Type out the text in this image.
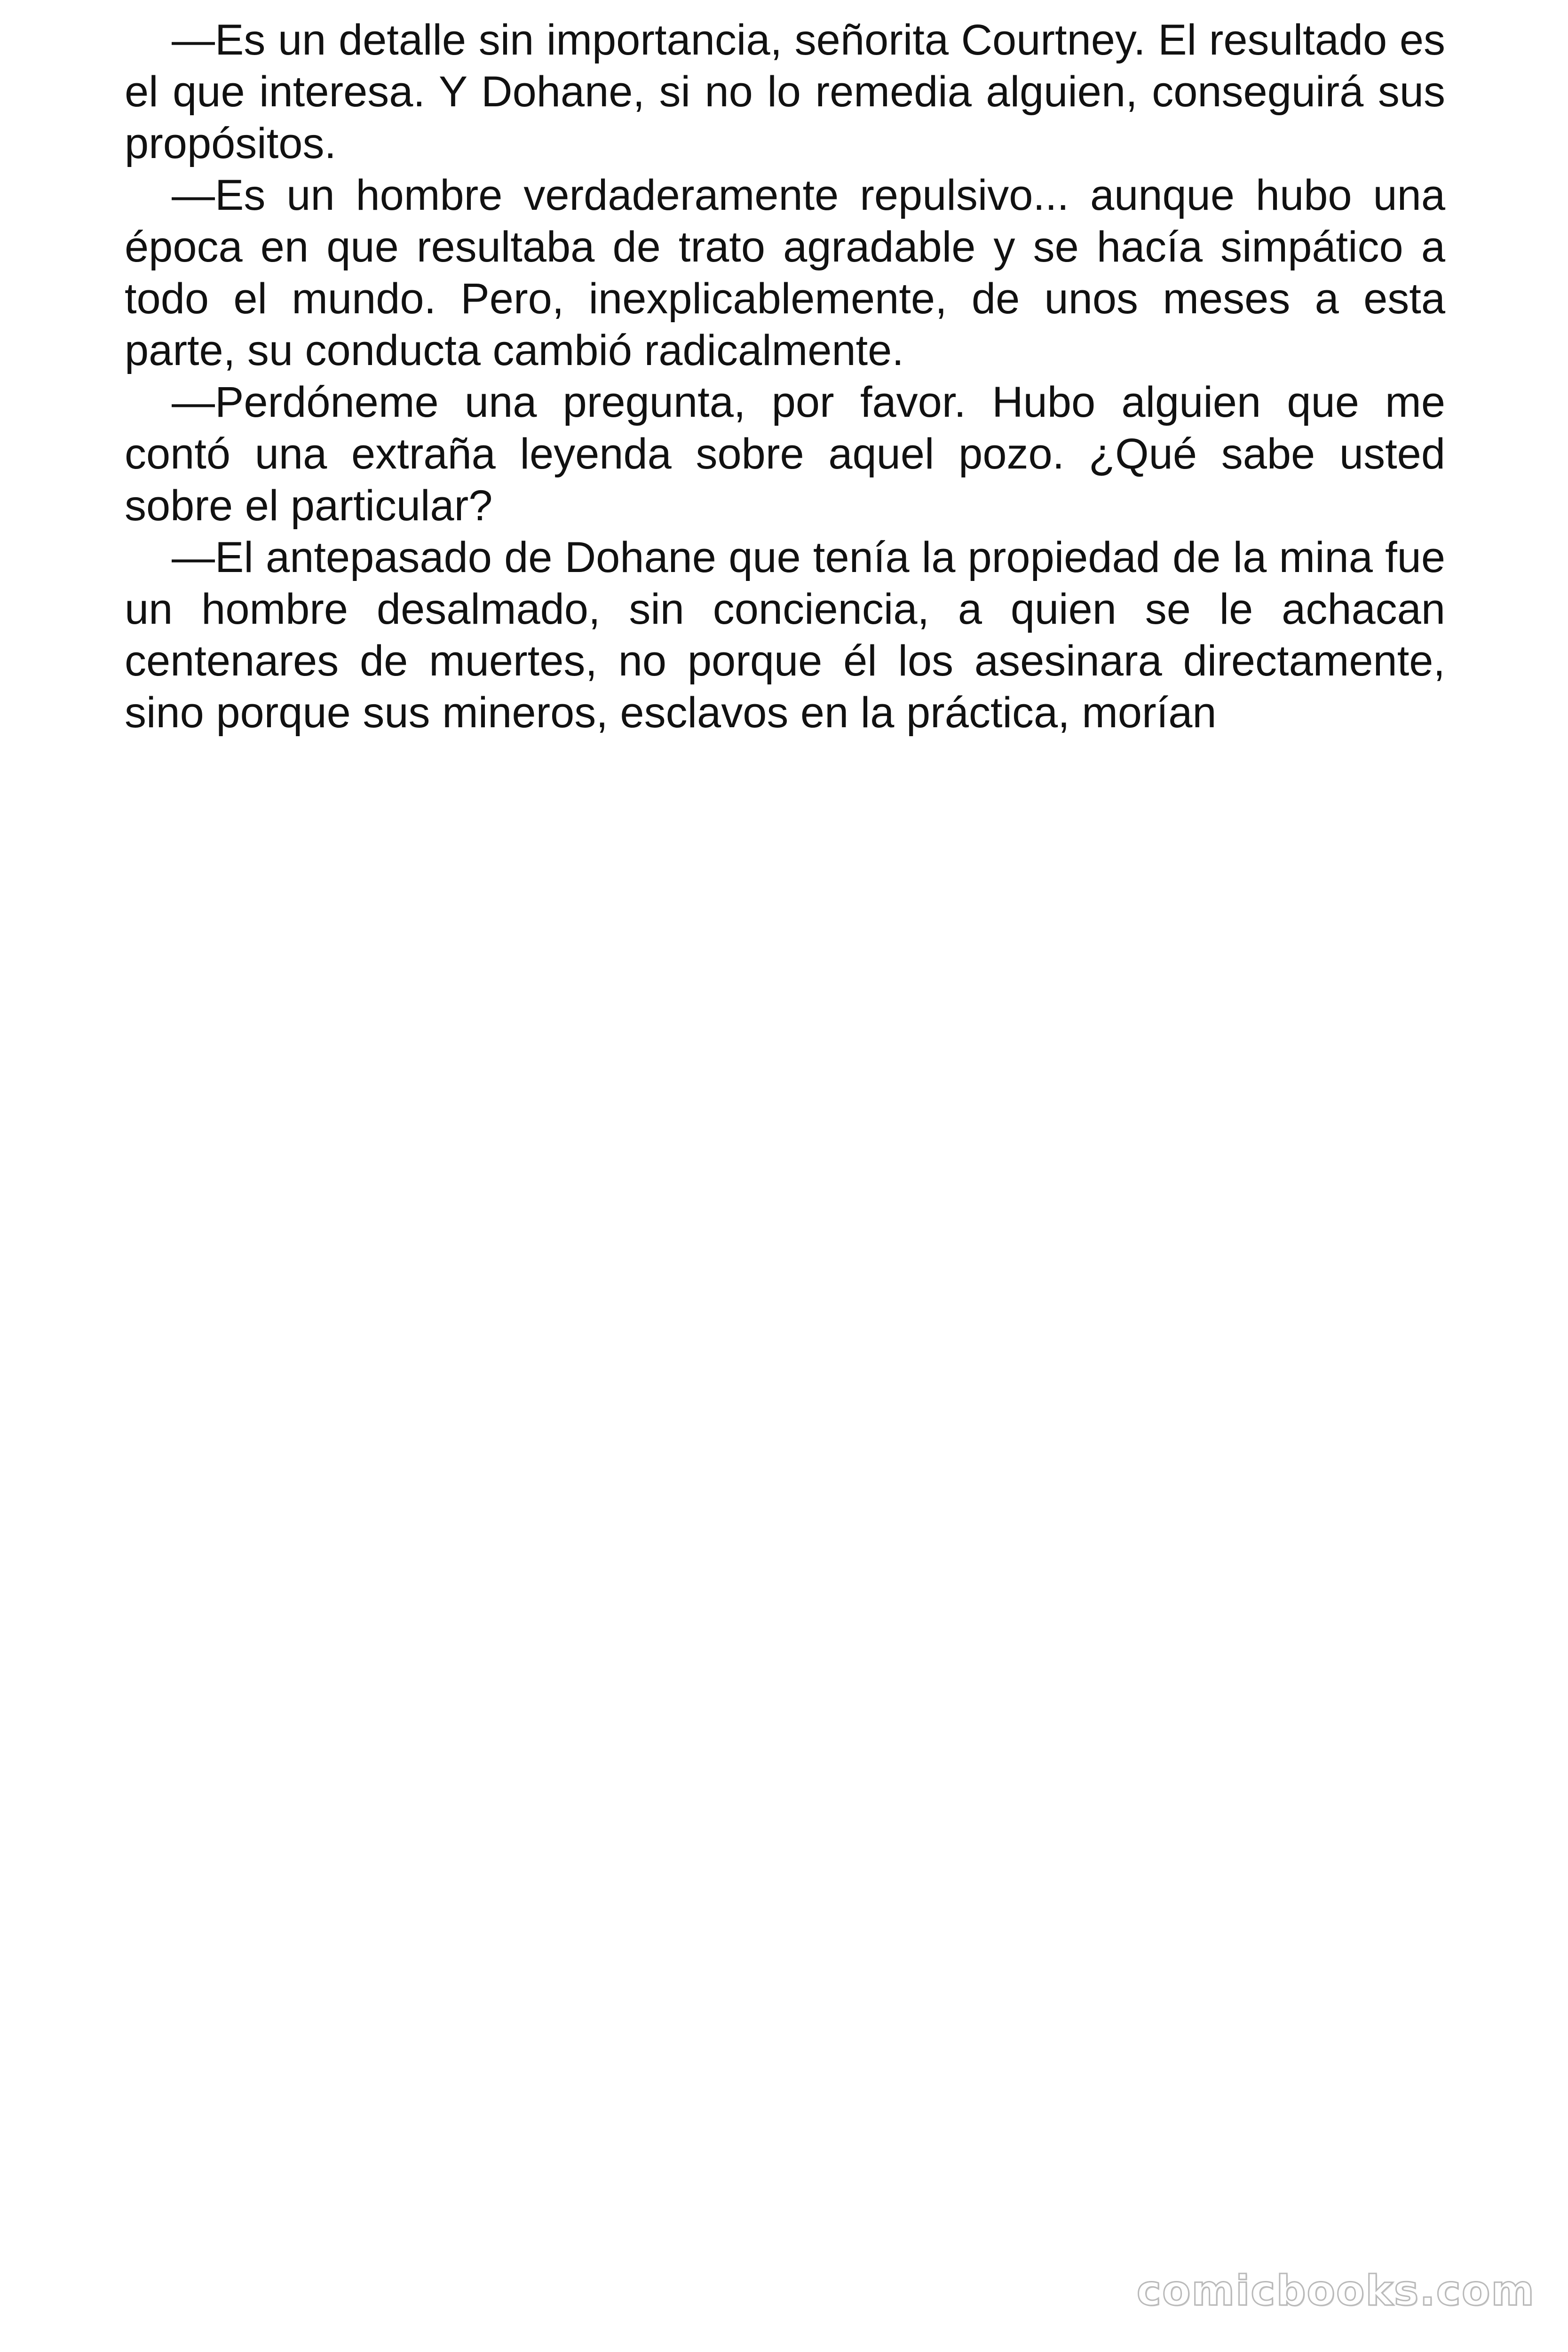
—Es un detalle sin importancia, señorita Courtney. El resultado es el que interesa. Y Dohane, si no lo remedia alguien, conseguirá sus propósitos.

—Es un hombre verdaderamente repulsivo... aunque hubo una época en que resultaba de trato agradable y se hacía simpático a todo el mundo. Pero, inexplicablemente, de unos meses a esta parte, su conducta cambió radicalmente.

—Perdóneme una pregunta, por favor. Hubo alguien que me contó una extraña leyenda sobre aquel pozo. ¿Qué sabe usted sobre el particular?

—El antepasado de Dohane que tenía la propiedad de la mina fue un hombre desalmado, sin conciencia, a quien se le achacan centenares de muertes, no porque él los asesinara directamente, sino porque sus mineros, esclavos en la práctica, morían

comicbooks.com
